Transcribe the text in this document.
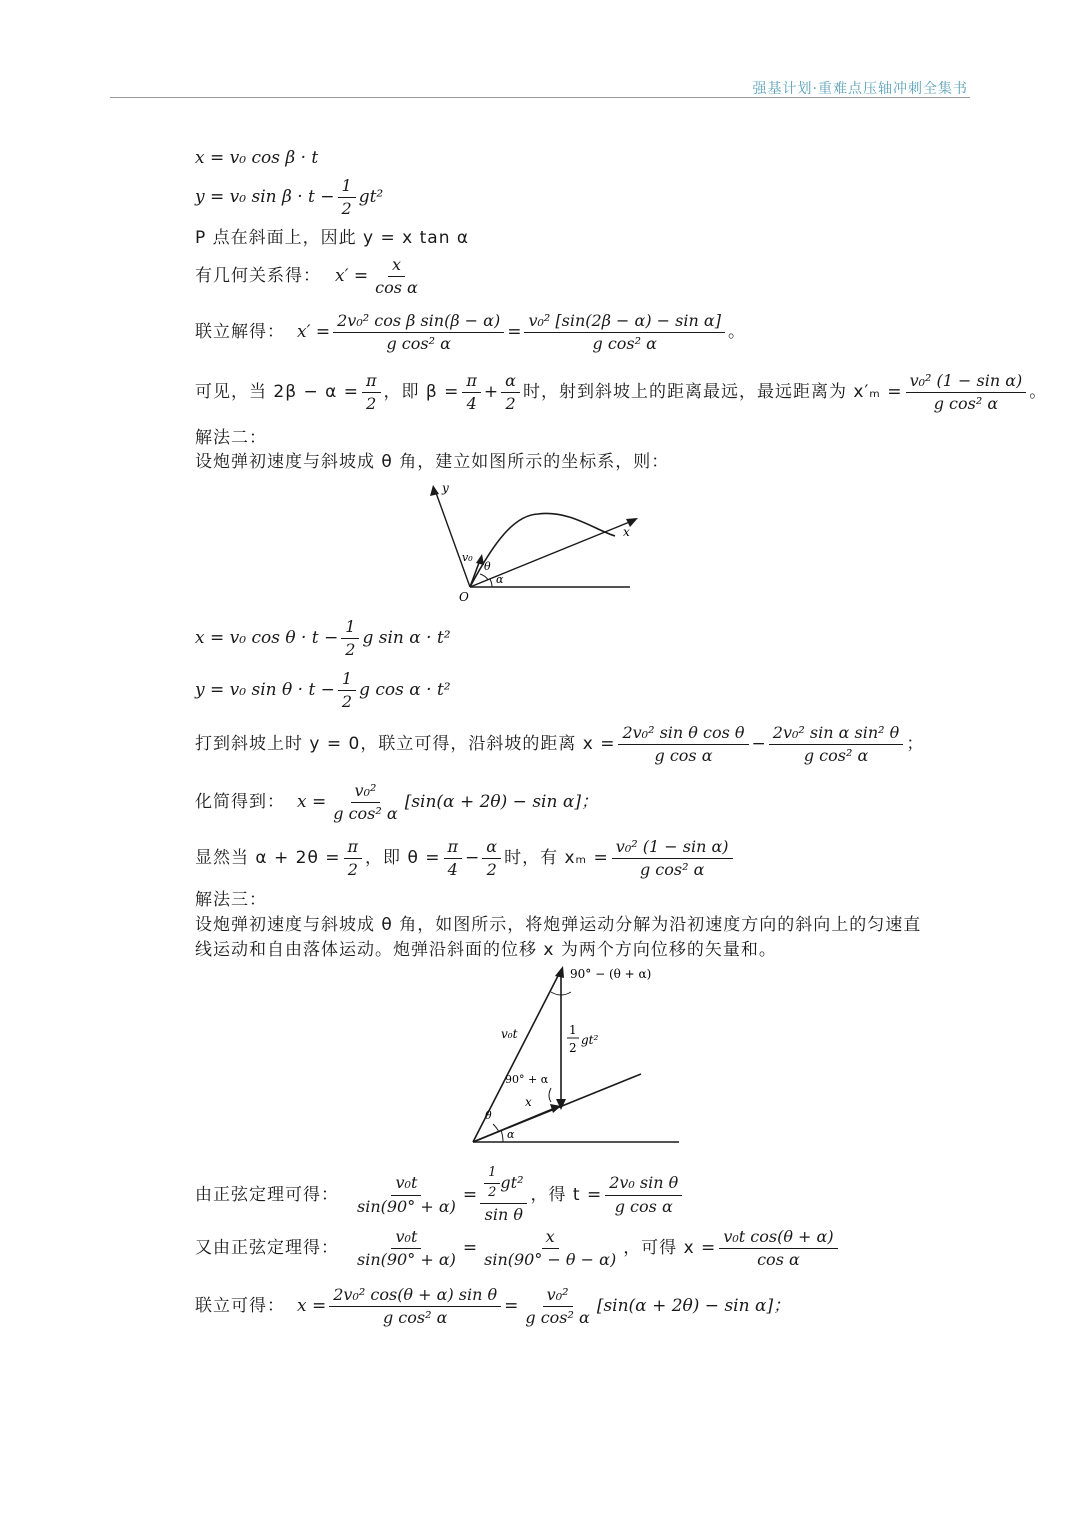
强基计划·重难点压轴冲刺全集书
x = v₀ cos β · t
y = v₀ $\sin \beta \cdot t - \frac{1}{2} gt^2$
P 点在斜面上，因此 y = x tan α
有几何关系得： $x' = \frac{x}{\text{cos α}}$
联立解得： $x' = \frac{\text{2v₀² cos β sin(β − α)}}{\text{g cos² α}} = \frac{\text{v₀² [sin(2β − α) − sin α]}}{\text{g cos² α}}$ 。
可见，当 $2\beta - \alpha = \frac{\pi}{2}$ ，即 $\beta = \frac{\pi}{4} + \frac{\alpha}{2}$ 时，射到斜坡上的距离最远，最远距离为 $x'_m = \frac{\text{v₀² (1 − sin α)}}{\text{g cos² α}}$ 。
解法二：
设炮弹初速度与斜坡成 θ 角，建立如图所示的坐标系，则：
y
x
v₀
θ
α
O
x = v₀ $\cos \theta \cdot t - \frac{1}{2}$ g sin α · t²
y = v₀ $\sin \theta \cdot t - \frac{1}{2}$ g cos α · t²
打到斜坡上时 y = 0，联立可得，沿斜坡的距离 $x = \frac{\text{2v₀² sin θ cos θ}}{\text{g cos α}} - \frac{\text{2v₀² sin α sin² θ}}{\text{g cos² α}}$ ；
化简得到： $x = \frac{\text{v₀²}}{\text{g cos² α}} [\sin(\alpha + 2\theta) - \sin \alpha]$；
显然当 $\alpha + 2\theta = \frac{\pi}{2}$ ，即 $\theta = \frac{\pi}{4} - \frac{\alpha}{2}$ 时，有 $x_m = \frac{\text{v₀² (1 − sin α)}}{\text{g cos² α}}$
解法三：
设炮弹初速度与斜坡成 θ 角，如图所示，将炮弹运动分解为沿初速度方向的斜向上的匀速直
线运动和自由落体运动。炮弹沿斜面的位移 x 为两个方向位移的矢量和。
90° − (θ + α)
v₀t	1
2
gt²
90° + α
x
θ
α
由正弦定理可得： $\frac{\text{v₀t}}{\sin(90^\circ + \alpha)} = \frac{\frac{1}{2} gt^2}{\text{sin θ}}$ ，得 $t = \frac{\text{2v₀ sin θ}}{\text{g cos α}}$
又由正弦定理得： $\frac{\text{v₀t}}{\sin(90^\circ + \alpha)} = \frac{x}{\sin(90^\circ - \theta - \alpha)}$ ，可得 $x = \frac{\text{v₀t cos(θ + α)}}{\text{cos α}}$
联立可得： $x = \frac{\text{2v₀² cos(θ + α) sin θ}}{\text{g cos² α}} = \frac{\text{v₀²}}{\text{g cos² α}} [\sin(\alpha + 2\theta) - \sin \alpha]$；
